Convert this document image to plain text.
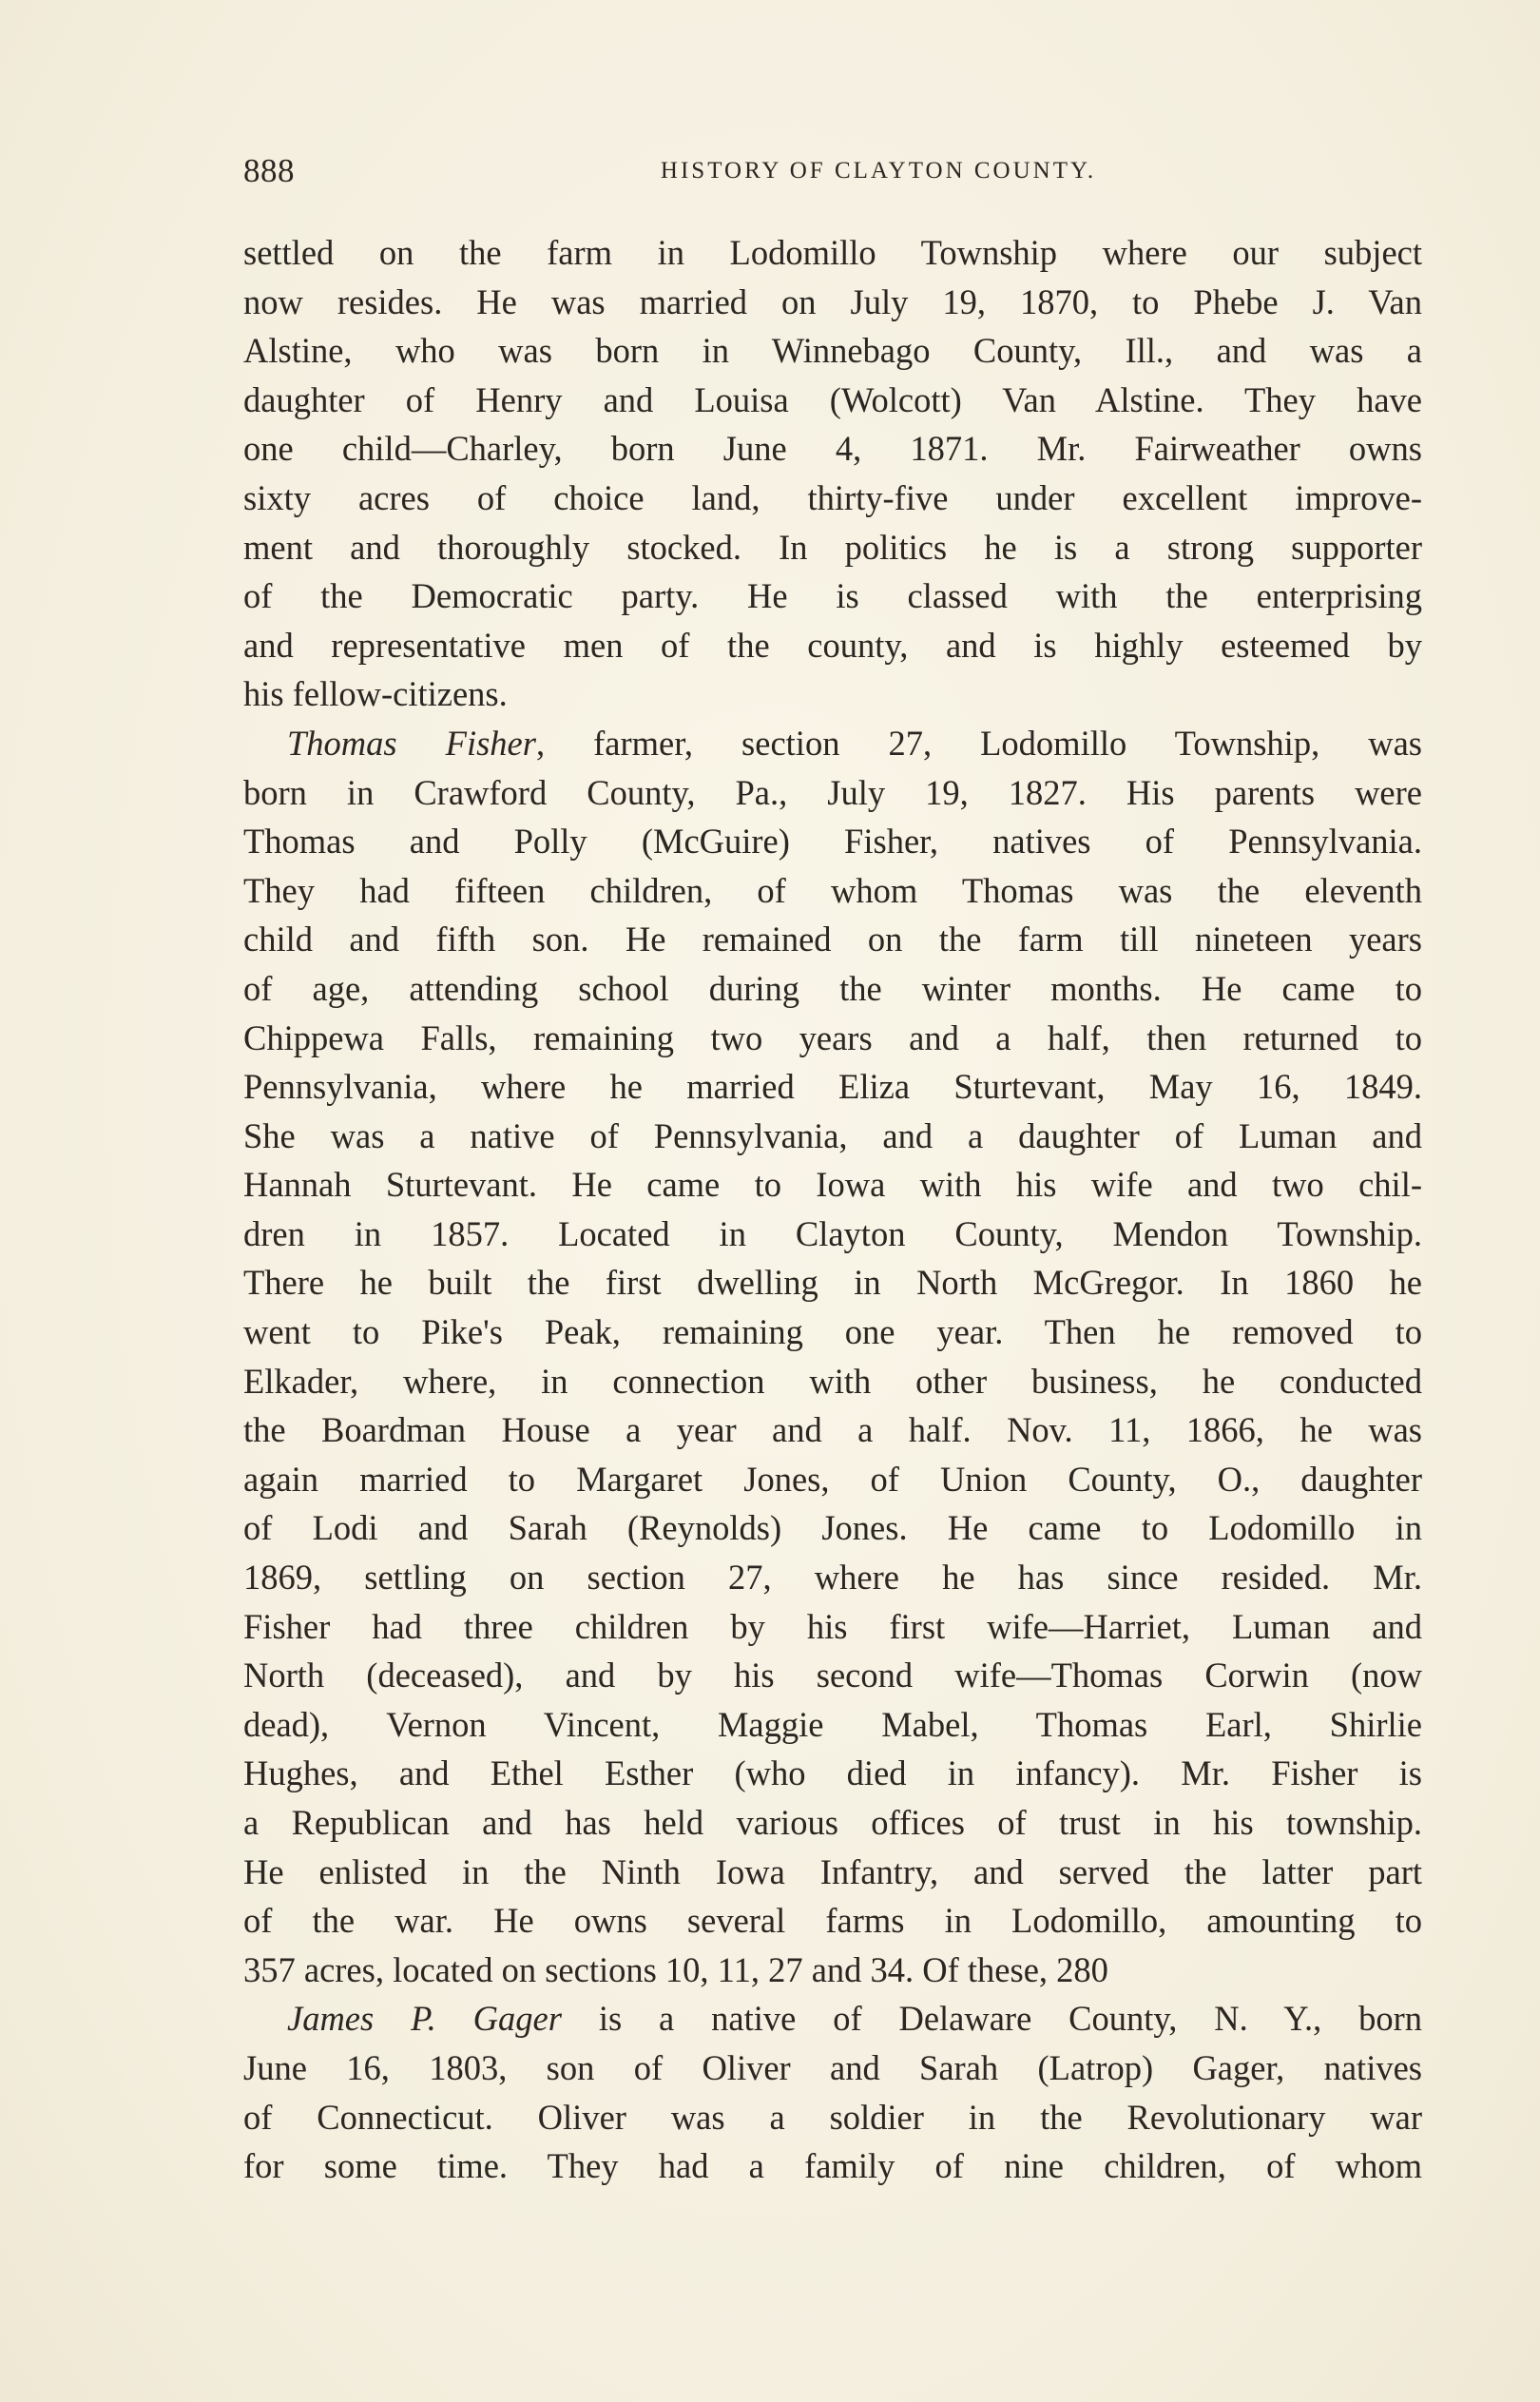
888	HISTORY OF CLAYTON COUNTY.
settled on the farm in Lodomillo Township where our subject
now resides. He was married on July 19, 1870, to Phebe J. Van
Alstine, who was born in Winnebago County, Ill., and was a
daughter of Henry and Louisa (Wolcott) Van Alstine. They have
one child—Charley, born June 4, 1871. Mr. Fairweather owns
sixty acres of choice land, thirty-five under excellent improve-
ment and thoroughly stocked. In politics he is a strong supporter
of the Democratic party. He is classed with the enterprising
and representative men of the county, and is highly esteemed by
his fellow-citizens.
Thomas Fisher, farmer, section 27, Lodomillo Township, was
born in Crawford County, Pa., July 19, 1827. His parents were
Thomas and Polly (McGuire) Fisher, natives of Pennsylvania.
They had fifteen children, of whom Thomas was the eleventh
child and fifth son. He remained on the farm till nineteen years
of age, attending school during the winter months. He came to
Chippewa Falls, remaining two years and a half, then returned to
Pennsylvania, where he married Eliza Sturtevant, May 16, 1849.
She was a native of Pennsylvania, and a daughter of Luman and
Hannah Sturtevant. He came to Iowa with his wife and two chil-
dren in 1857. Located in Clayton County, Mendon Township.
There he built the first dwelling in North McGregor. In 1860 he
went to Pike's Peak, remaining one year. Then he removed to
Elkader, where, in connection with other business, he conducted
the Boardman House a year and a half. Nov. 11, 1866, he was
again married to Margaret Jones, of Union County, O., daughter
of Lodi and Sarah (Reynolds) Jones. He came to Lodomillo in
1869, settling on section 27, where he has since resided. Mr.
Fisher had three children by his first wife—Harriet, Luman and
North (deceased), and by his second wife—Thomas Corwin (now
dead), Vernon Vincent, Maggie Mabel, Thomas Earl, Shirlie
Hughes, and Ethel Esther (who died in infancy). Mr. Fisher is
a Republican and has held various offices of trust in his township.
He enlisted in the Ninth Iowa Infantry, and served the latter part
of the war. He owns several farms in Lodomillo, amounting to
357 acres, located on sections 10, 11, 27 and 34. Of these, 280
James P. Gager is a native of Delaware County, N. Y., born
June 16, 1803, son of Oliver and Sarah (Latrop) Gager, natives
of Connecticut. Oliver was a soldier in the Revolutionary war
for some time. They had a family of nine children, of whom
